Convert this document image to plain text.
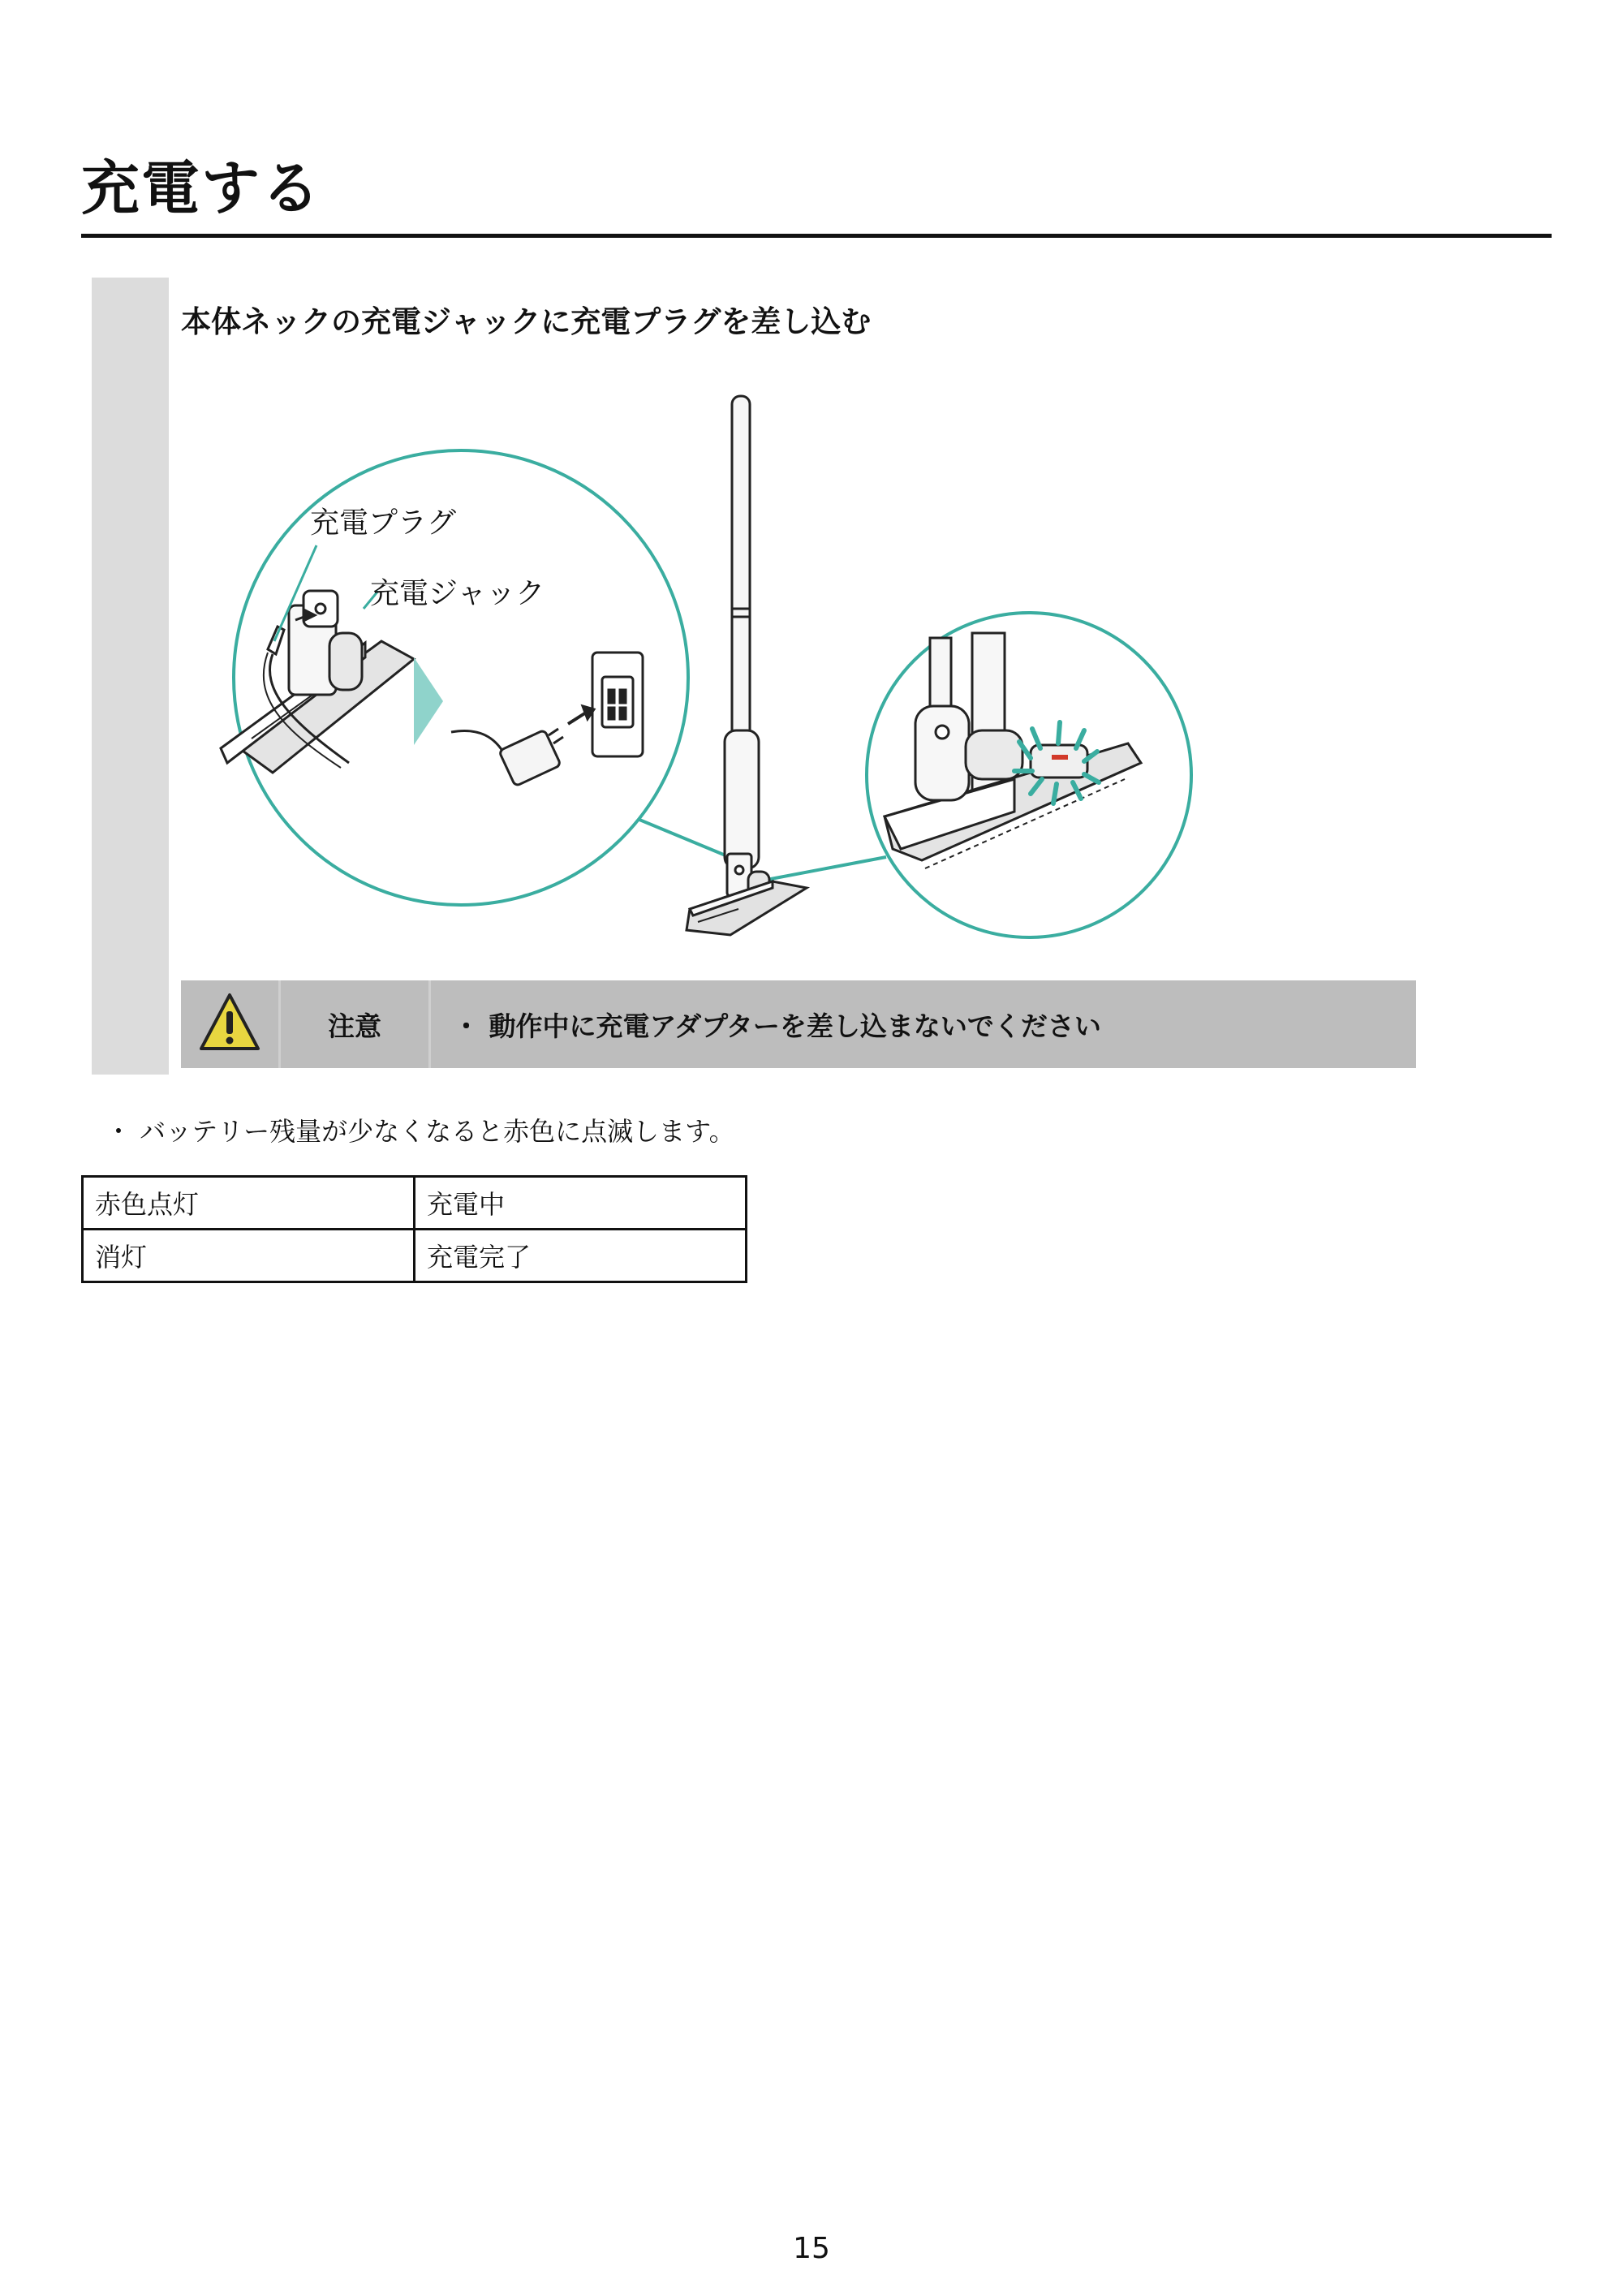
充電する
本体ネックの充電ジャックに充電プラグを差し込む
充電プラグ
充電ジャック
注意	・ 動作中に充電アダプターを差し込まないでください
・ バッテリー残量が少なくなると赤色に点滅します。
赤色点灯	充電中
消灯	充電完了
15
